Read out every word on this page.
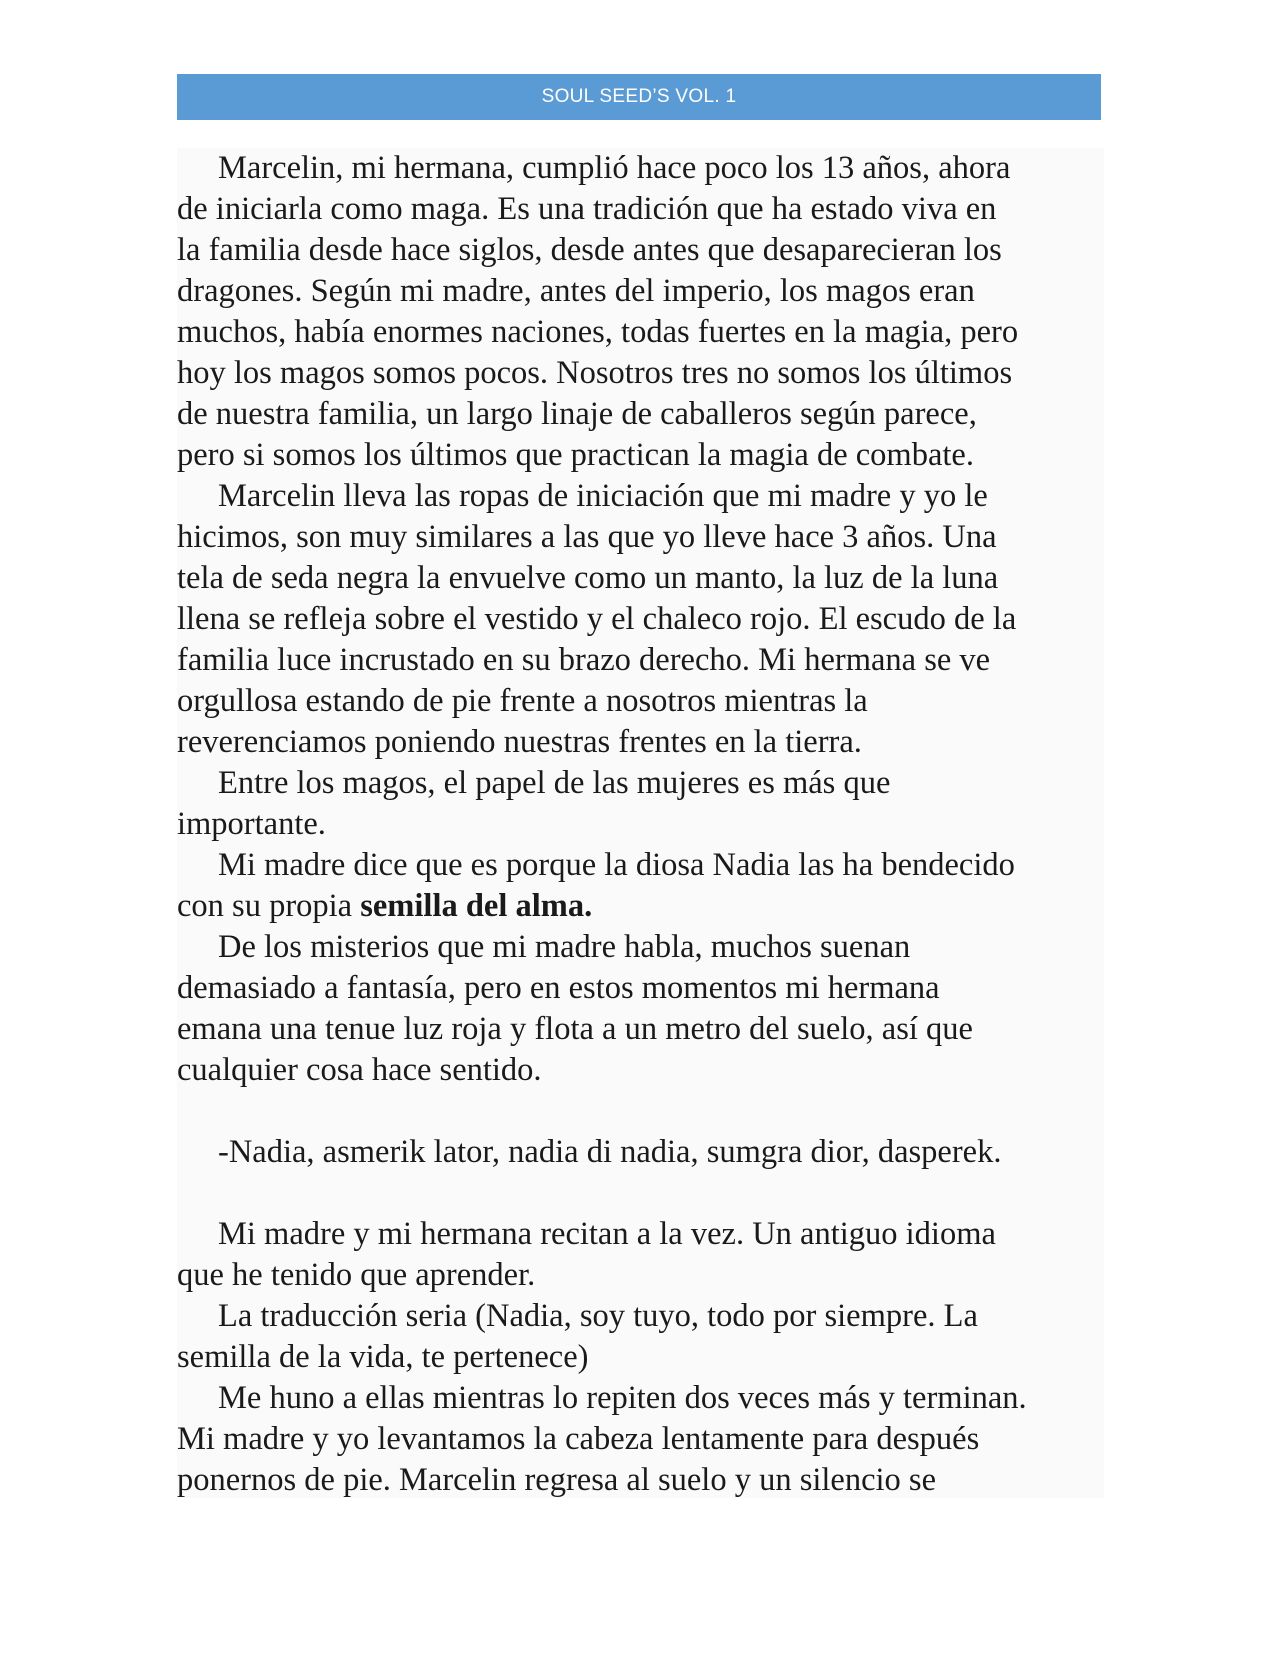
SOUL SEED’S VOL. 1
Marcelin, mi hermana, cumplió hace poco los 13 años, ahora
de iniciarla como maga. Es una tradición que ha estado viva en
la familia desde hace siglos, desde antes que desaparecieran los
dragones. Según mi madre, antes del imperio, los magos eran
muchos, había enormes naciones, todas fuertes en la magia, pero
hoy los magos somos pocos. Nosotros tres no somos los últimos
de nuestra familia, un largo linaje de caballeros según parece,
pero si somos los últimos que practican la magia de combate.
Marcelin lleva las ropas de iniciación que mi madre y yo le
hicimos, son muy similares a las que yo lleve hace 3 años. Una
tela de seda negra la envuelve como un manto, la luz de la luna
llena se refleja sobre el vestido y el chaleco rojo. El escudo de la
familia luce incrustado en su brazo derecho. Mi hermana se ve
orgullosa estando de pie frente a nosotros mientras la
reverenciamos poniendo nuestras frentes en la tierra.
Entre los magos, el papel de las mujeres es más que
importante.
Mi madre dice que es porque la diosa Nadia las ha bendecido
con su propia semilla del alma.
De los misterios que mi madre habla, muchos suenan
demasiado a fantasía, pero en estos momentos mi hermana
emana una tenue luz roja y flota a un metro del suelo, así que
cualquier cosa hace sentido.
-Nadia, asmerik lator, nadia di nadia, sumgra dior, dasperek.
Mi madre y mi hermana recitan a la vez. Un antiguo idioma
que he tenido que aprender.
La traducción seria (Nadia, soy tuyo, todo por siempre. La
semilla de la vida, te pertenece)
Me huno a ellas mientras lo repiten dos veces más y terminan.
Mi madre y yo levantamos la cabeza lentamente para después
ponernos de pie. Marcelin regresa al suelo y un silencio se
